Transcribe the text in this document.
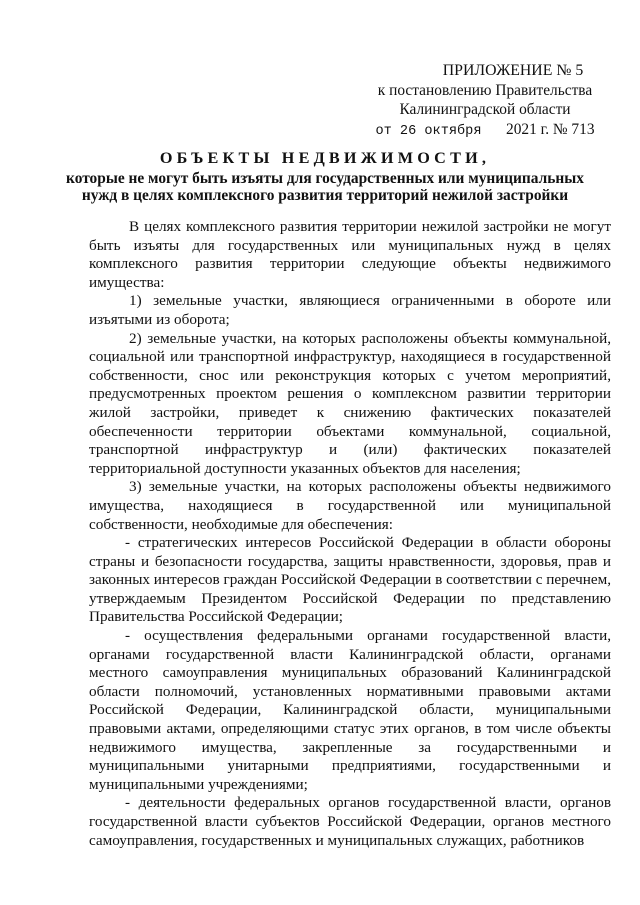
ПРИЛОЖЕНИЕ № 5
к постановлению Правительства
Калининградской области
от 26 октября 2021 г. № 713
ОБЪЕКТЫ НЕДВИЖИМОСТИ,
которые не могут быть изъяты для государственных или муниципальных нужд в целях комплексного развития территорий нежилой застройки

В целях комплексного развития территории нежилой застройки не могут быть изъяты для государственных или муниципальных нужд в целях комплексного развития территории следующие объекты недвижимого имущества:

1) земельные участки, являющиеся ограниченными в обороте или изъятыми из оборота;

2) земельные участки, на которых расположены объекты коммунальной, социальной или транспортной инфраструктур, находящиеся в государственной собственности, снос или реконструкция которых с учетом мероприятий, предусмотренных проектом решения о комплексном развитии территории жилой застройки, приведет к снижению фактических показателей обеспеченности территории объектами коммунальной, социальной, транспортной инфраструктур и (или) фактических показателей территориальной доступности указанных объектов для населения;

3) земельные участки, на которых расположены объекты недвижимого имущества, находящиеся в государственной или муниципальной собственности, необходимые для обеспечения:

- стратегических интересов Российской Федерации в области обороны страны и безопасности государства, защиты нравственности, здоровья, прав и законных интересов граждан Российской Федерации в соответствии с перечнем, утверждаемым Президентом Российской Федерации по представлению Правительства Российской Федерации;

- осуществления федеральными органами государственной власти, органами государственной власти Калининградской области, органами местного самоуправления муниципальных образований Калининградской области полномочий, установленных нормативными правовыми актами Российской Федерации, Калининградской области, муниципальными правовыми актами, определяющими статус этих органов, в том числе объекты недвижимого имущества, закрепленные за государственными и муниципальными унитарными предприятиями, государственными и муниципальными учреждениями;

- деятельности федеральных органов государственной власти, органов государственной власти субъектов Российской Федерации, органов местного самоуправления, государственных и муниципальных служащих, работников
